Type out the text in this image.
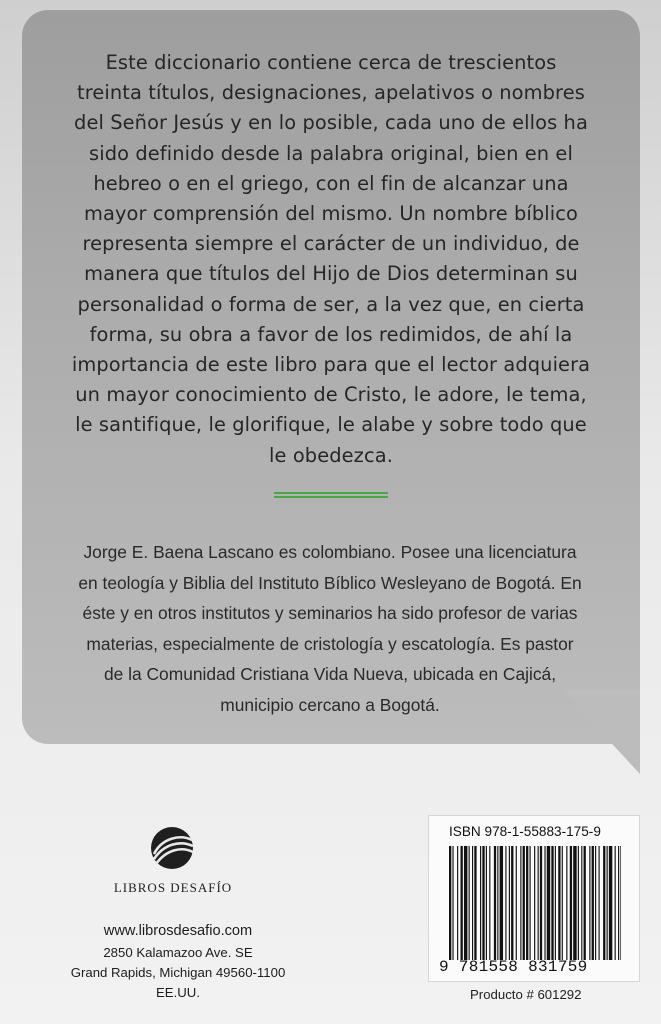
Este diccionario contiene cerca de trescientos
treinta títulos, designaciones, apelativos o nombres
del Señor Jesús y en lo posible, cada uno de ellos ha
sido definido desde la palabra original, bien en el
hebreo o en el griego, con el fin de alcanzar una
mayor comprensión del mismo. Un nombre bíblico
representa siempre el carácter de un individuo, de
manera que títulos del Hijo de Dios determinan su
personalidad o forma de ser, a la vez que, en cierta
forma, su obra a favor de los redimidos, de ahí la
importancia de este libro para que el lector adquiera
un mayor conocimiento de Cristo, le adore, le tema,
le santifique, le glorifique, le alabe y sobre todo que
le obedezca.
Jorge E. Baena Lascano es colombiano. Posee una licenciatura
en teología y Biblia del Instituto Bíblico Wesleyano de Bogotá. En
éste y en otros institutos y seminarios ha sido profesor de varias
materias, especialmente de cristología y escatología. Es pastor
de la Comunidad Cristiana Vida Nueva, ubicada en Cajicá,
municipio cercano a Bogotá.
LIBROS DESAFÍO
www.librosdesafio.com
2850 Kalamazoo Ave. SE
Grand Rapids, Michigan 49560-1100
EE.UU.
ISBN 978-1-55883-175-9
9 781558 831759
Producto # 601292
